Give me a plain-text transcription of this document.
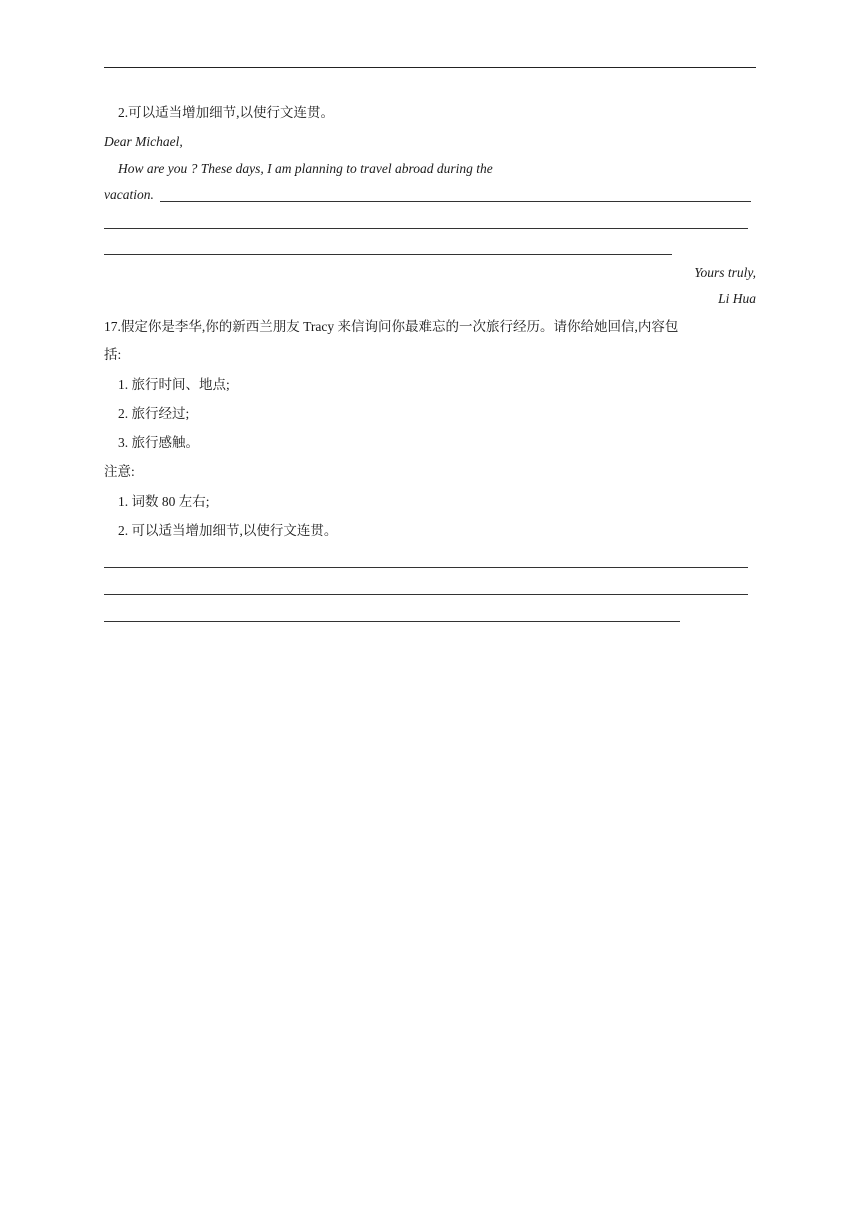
2.可以适当增加细节,以使行文连贯。
Dear Michael,
How are you ? These days, I am planning to travel abroad during the
vacation.
Yours truly,
Li Hua
17.假定你是李华,你的新西兰朋友 Tracy 来信询问你最难忘的一次旅行经历。请你给她回信,内容包
括:
1. 旅行时间、地点;
2. 旅行经过;
3. 旅行感触。
注意:
1. 词数 80 左右;
2. 可以适当增加细节,以使行文连贯。
